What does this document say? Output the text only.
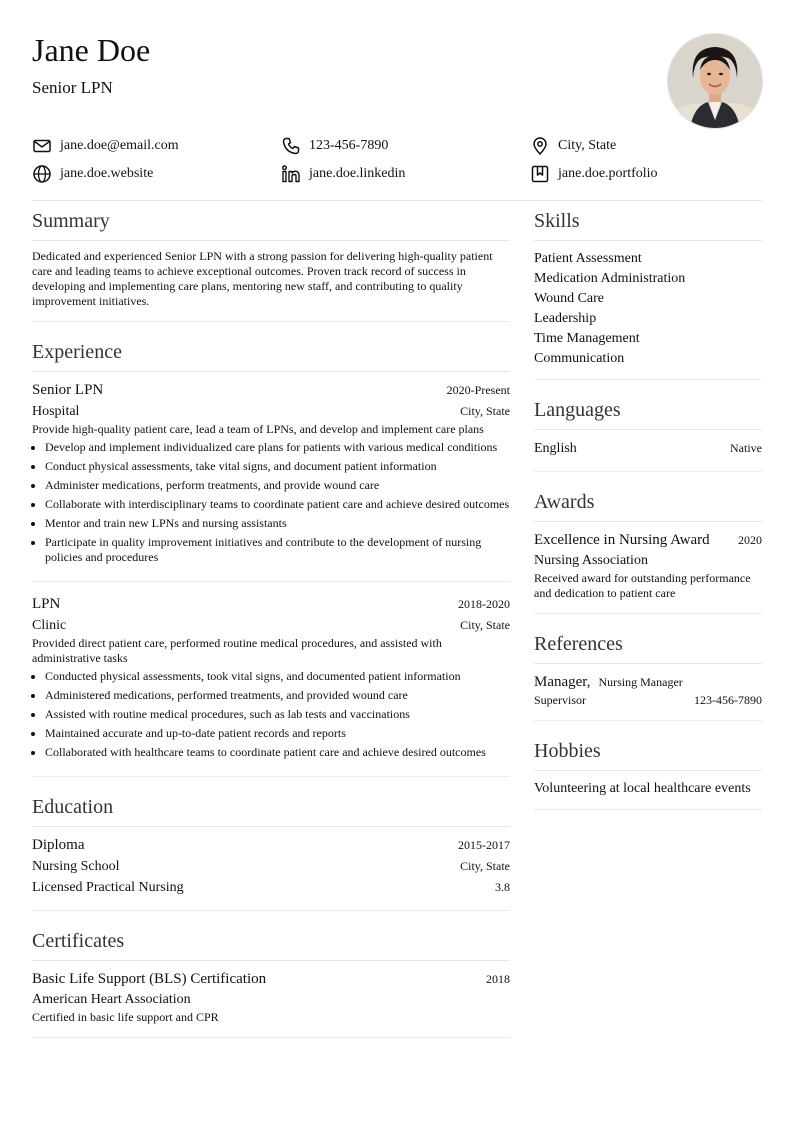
Jane Doe
Senior LPN
jane.doe@email.com	123-456-7890	City, State
jane.doe.website	jane.doe.linkedin	jane.doe.portfolio
Summary
Dedicated and experienced Senior LPN with a strong passion for delivering high-quality patient care and leading teams to achieve exceptional outcomes. Proven track record of success in developing and implementing care plans, mentoring new staff, and contributing to quality improvement initiatives.
Experience
Senior LPN	2020-Present
Hospital	City, State
Provide high-quality patient care, lead a team of LPNs, and develop and implement care plans
• Develop and implement individualized care plans for patients with various medical conditions
• Conduct physical assessments, take vital signs, and document patient information
• Administer medications, perform treatments, and provide wound care
• Collaborate with interdisciplinary teams to coordinate patient care and achieve desired outcomes
• Mentor and train new LPNs and nursing assistants
• Participate in quality improvement initiatives and contribute to the development of nursing policies and procedures
LPN	2018-2020
Clinic	City, State
Provided direct patient care, performed routine medical procedures, and assisted with administrative tasks
• Conducted physical assessments, took vital signs, and documented patient information
• Administered medications, performed treatments, and provided wound care
• Assisted with routine medical procedures, such as lab tests and vaccinations
• Maintained accurate and up-to-date patient records and reports
• Collaborated with healthcare teams to coordinate patient care and achieve desired outcomes
Education
Diploma	2015-2017
Nursing School	City, State
Licensed Practical Nursing	3.8
Certificates
Basic Life Support (BLS) Certification	2018
American Heart Association
Certified in basic life support and CPR
Skills
Patient Assessment
Medication Administration
Wound Care
Leadership
Time Management
Communication
Languages
English	Native
Awards
Excellence in Nursing Award 2020
Nursing Association
Received award for outstanding performance and dedication to patient care
References
Manager, Nursing Manager
Supervisor	123-456-7890
Hobbies
Volunteering at local healthcare events
